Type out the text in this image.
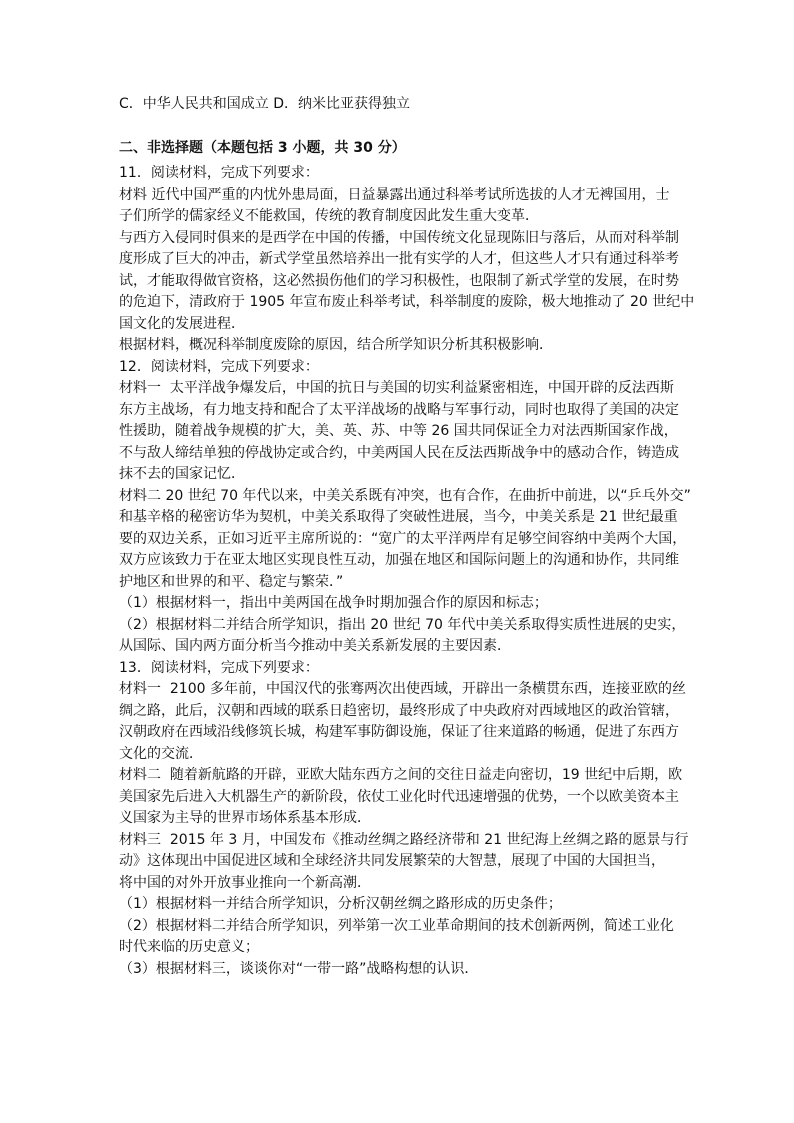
C．中华人民共和国成立 D．纳米比亚获得独立
二、非选择题（本题包括 3 小题，共 30 分）
11．阅读材料，完成下列要求：
材料 近代中国严重的内忧外患局面，日益暴露出通过科举考试所选拔的人才无裨国用，士
子们所学的儒家经义不能救国，传统的教育制度因此发生重大变革．
与西方入侵同时俱来的是西学在中国的传播，中国传统文化显现陈旧与落后，从而对科举制
度形成了巨大的冲击，新式学堂虽然培养出一批有实学的人才，但这些人才只有通过科举考
试，才能取得做官资格，这必然损伤他们的学习积极性，也限制了新式学堂的发展，在时势
的危迫下，清政府于 1905 年宣布废止科举考试，科举制度的废除，极大地推动了 20 世纪中
国文化的发展进程．
根据材料，概况科举制度废除的原因，结合所学知识分析其积极影响．
12．阅读材料，完成下列要求：
材料一  太平洋战争爆发后，中国的抗日与美国的切实利益紧密相连，中国开辟的反法西斯
东方主战场，有力地支持和配合了太平洋战场的战略与军事行动，同时也取得了美国的决定
性援助，随着战争规模的扩大，美、英、苏、中等 26 国共同保证全力对法西斯国家作战，
不与敌人缔结单独的停战协定或合约，中美两国人民在反法西斯战争中的感动合作，铸造成
抹不去的国家记忆．
材料二 20 世纪 70 年代以来，中美关系既有冲突，也有合作，在曲折中前进，以“乒乓外交”
和基辛格的秘密访华为契机，中美关系取得了突破性进展，当今，中美关系是 21 世纪最重
要的双边关系，正如习近平主席所说的：“宽广的太平洋两岸有足够空间容纳中美两个大国，
双方应该致力于在亚太地区实现良性互动，加强在地区和国际问题上的沟通和协作，共同维
护地区和世界的和平、稳定与繁荣．”
（1）根据材料一，指出中美两国在战争时期加强合作的原因和标志；
（2）根据材料二并结合所学知识，指出 20 世纪 70 年代中美关系取得实质性进展的史实，
从国际、国内两方面分析当今推动中美关系新发展的主要因素．
13．阅读材料，完成下列要求：
材料一  2100 多年前，中国汉代的张骞两次出使西域，开辟出一条横贯东西，连接亚欧的丝
绸之路，此后，汉朝和西域的联系日趋密切，最终形成了中央政府对西域地区的政治管辖，
汉朝政府在西域沿线修筑长城，构建军事防御设施，保证了往来道路的畅通，促进了东西方
文化的交流．
材料二  随着新航路的开辟，亚欧大陆东西方之间的交往日益走向密切，19 世纪中后期，欧
美国家先后进入大机器生产的新阶段，依仗工业化时代迅速增强的优势，一个以欧美资本主
义国家为主导的世界市场体系基本形成．
材料三  2015 年 3 月，中国发布《推动丝绸之路经济带和 21 世纪海上丝绸之路的愿景与行
动》这体现出中国促进区域和全球经济共同发展繁荣的大智慧，展现了中国的大国担当，
将中国的对外开放事业推向一个新高潮．
（1）根据材料一并结合所学知识，分析汉朝丝绸之路形成的历史条件；
（2）根据材料二并结合所学知识，列举第一次工业革命期间的技术创新两例，简述工业化
时代来临的历史意义；
（3）根据材料三，谈谈你对“一带一路”战略构想的认识．
